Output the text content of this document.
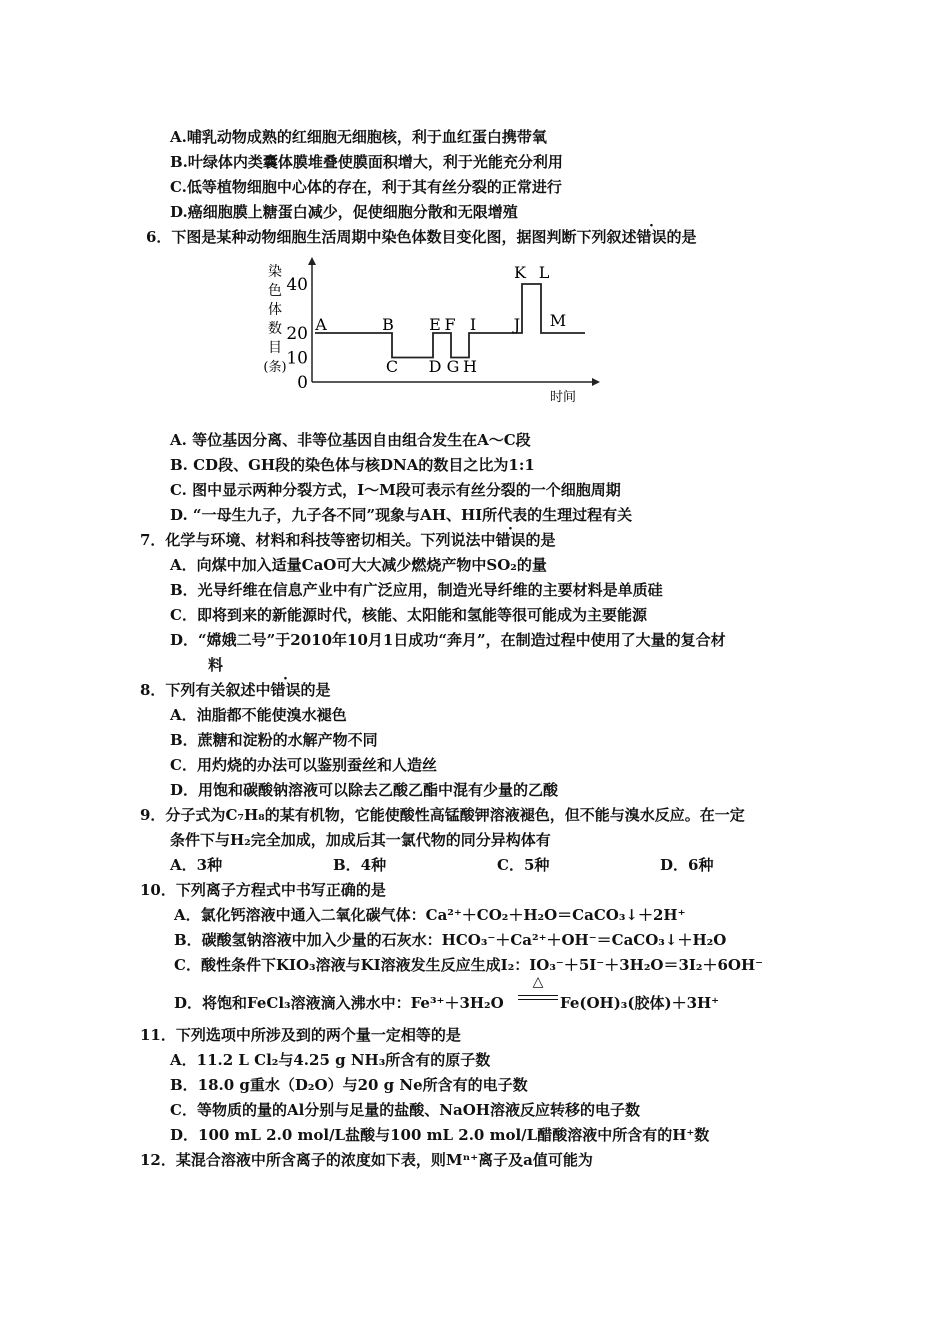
A.哺乳动物成熟的红细胞无细胞核，利于血红蛋白携带氧
B.叶绿体内类囊体膜堆叠使膜面积增大，利于光能充分利用
C.低等植物细胞中心体的存在，利于其有丝分裂的正常进行
D.癌细胞膜上糖蛋白减少，促使细胞分散和无限增殖
6．下图是某种动物细胞生活周期中染色体数目变化图，据图判断下列叙述错误的是
染
色
体
数
目
(条)
0
10
20
40
时间
A	B E F I J
K L
M
C D G H
A. 等位基因分离、非等位基因自由组合发生在A～C段
B. CD段、GH段的染色体与核DNA的数目之比为1:1
C. 图中显示两种分裂方式，I～M段可表示有丝分裂的一个细胞周期
D. “一母生九子，九子各不同”现象与AH、HI所代表的生理过程有关
7．化学与环境、材料和科技等密切相关。下列说法中错误的是
A．向煤中加入适量CaO可大大减少燃烧产物中SO₂的量
B．光导纤维在信息产业中有广泛应用，制造光导纤维的主要材料是单质硅
C．即将到来的新能源时代，核能、太阳能和氢能等很可能成为主要能源
D．“嫦娥二号”于2010年10月1日成功“奔月”，在制造过程中使用了大量的复合材
料
8．下列有关叙述中错误的是
A．油脂都不能使溴水褪色
B．蔗糖和淀粉的水解产物不同
C．用灼烧的办法可以鉴别蚕丝和人造丝
D．用饱和碳酸钠溶液可以除去乙酸乙酯中混有少量的乙酸
9．分子式为C₇H₈的某有机物，它能使酸性高锰酸钾溶液褪色，但不能与溴水反应。在一定
条件下与H₂完全加成，加成后其一氯代物的同分异构体有
A．3种	B．4种	C．5种	D．6种
10．下列离子方程式中书写正确的是
A．氯化钙溶液中通入二氧化碳气体：Ca²⁺＋CO₂＋H₂O＝CaCO₃↓＋2H⁺
B．碳酸氢钠溶液中加入少量的石灰水：HCO₃⁻＋Ca²⁺＋OH⁻＝CaCO₃↓＋H₂O
C．酸性条件下KIO₃溶液与KI溶液发生反应生成I₂：IO₃⁻＋5I⁻＋3H₂O＝3I₂＋6OH⁻
△
D．将饱和FeCl₃溶液滴入沸水中：Fe³⁺＋3H₂O	Fe(OH)₃(胶体)＋3H⁺
11．下列选项中所涉及到的两个量一定相等的是
A．11.2 L Cl₂与4.25 g NH₃所含有的原子数
B．18.0 g重水（D₂O）与20 g Ne所含有的电子数
C．等物质的量的Al分别与足量的盐酸、NaOH溶液反应转移的电子数
D．100 mL 2.0 mol/L盐酸与100 mL 2.0 mol/L醋酸溶液中所含有的H⁺数
12．某混合溶液中所含离子的浓度如下表，则Mⁿ⁺离子及a值可能为
